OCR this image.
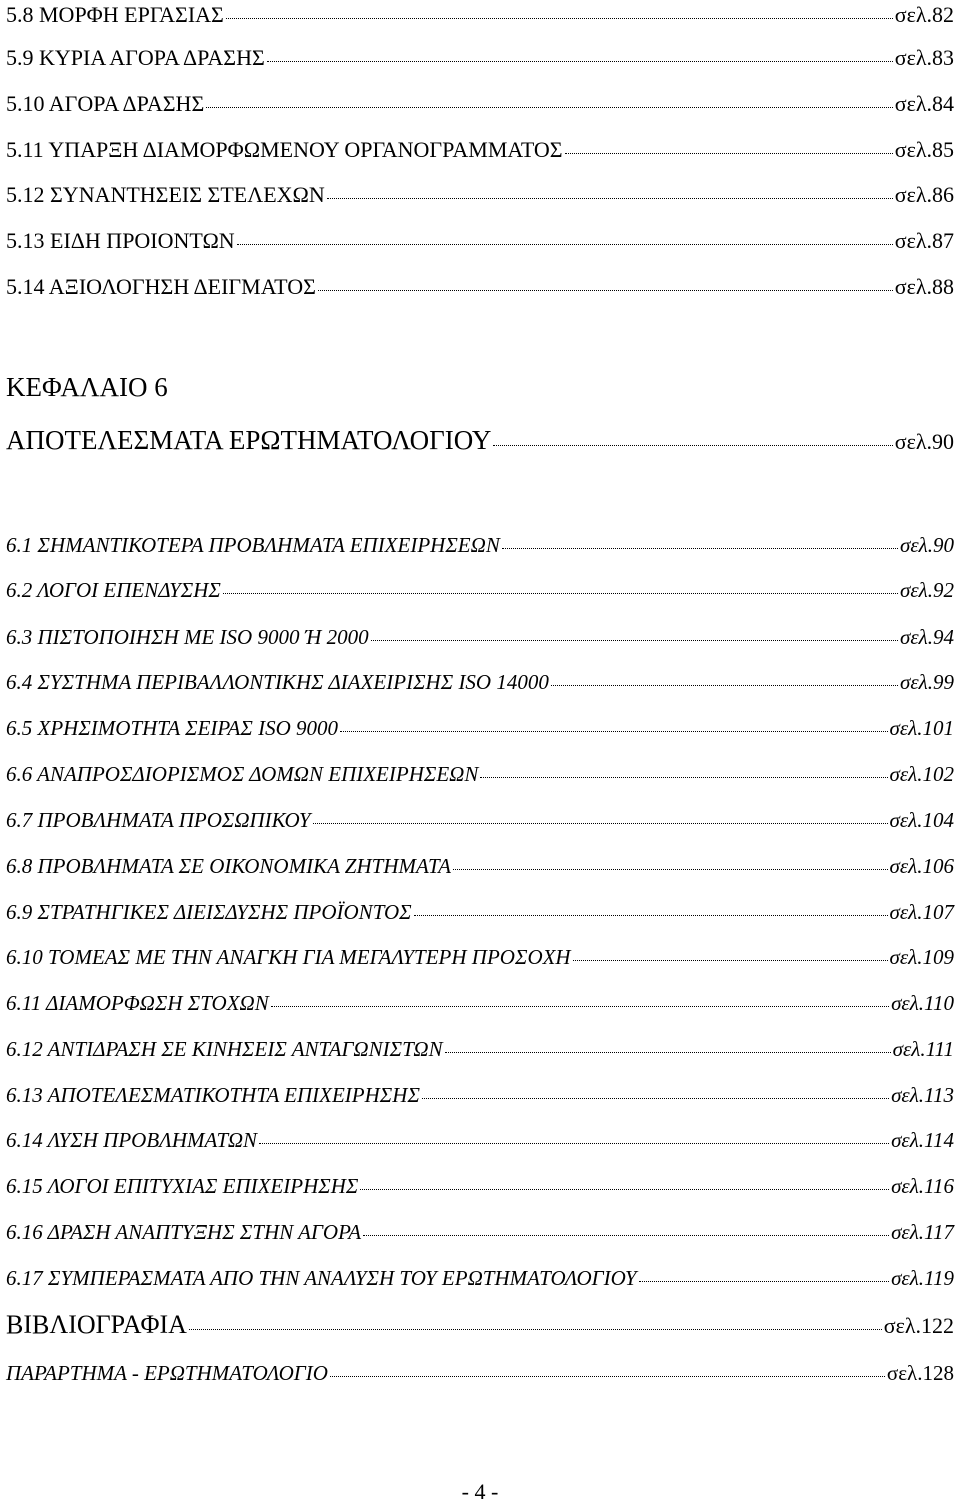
5.8 ΜΟΡΦΗ ΕΡΓΑΣΙΑΣ	σελ.82
5.9 ΚΥΡΙΑ ΑΓΟΡΑ ΔΡΑΣΗΣ	σελ.83
5.10 ΑΓΟΡΑ ΔΡΑΣΗΣ	σελ.84
5.11 ΥΠΑΡΞΗ ΔΙΑΜΟΡΦΩΜΕΝΟΥ ΟΡΓΑΝΟΓΡΑΜΜΑΤΟΣ	σελ.85
5.12 ΣΥΝΑΝΤΗΣΕΙΣ ΣΤΕΛΕΧΩΝ	σελ.86
5.13 ΕΙΔΗ ΠΡΟΙΟΝΤΩΝ	σελ.87
5.14 ΑΞΙΟΛΟΓΗΣΗ ΔΕΙΓΜΑΤΟΣ	σελ.88
ΚΕΦΑΛΑΙΟ 6
ΑΠΟΤΕΛΕΣΜΑΤΑ ΕΡΩΤΗΜΑΤΟΛΟΓΙΟΥ	σελ.90
6.1 ΣΗΜΑΝΤΙΚΟΤΕΡΑ ΠΡΟΒΛΗΜΑΤΑ ΕΠΙΧΕΙΡΗΣΕΩΝ	σελ.90
6.2 ΛΟΓΟΙ ΕΠΕΝΔΥΣΗΣ	σελ.92
6.3 ΠΙΣΤΟΠΟΙΗΣΗ ΜΕ ISO 9000 Ή 2000	σελ.94
6.4 ΣΥΣΤΗΜΑ ΠΕΡΙΒΑΛΛΟΝΤΙΚΗΣ ΔΙΑΧΕΙΡΙΣΗΣ ISO 14000	σελ.99
6.5 ΧΡΗΣΙΜΟΤΗΤΑ ΣΕΙΡΑΣ ISO 9000	σελ.101
6.6 ΑΝΑΠΡΟΣΔΙΟΡΙΣΜΟΣ ΔΟΜΩΝ ΕΠΙΧΕΙΡΗΣΕΩΝ	σελ.102
6.7 ΠΡΟΒΛΗΜΑΤΑ ΠΡΟΣΩΠΙΚΟΥ	σελ.104
6.8 ΠΡΟΒΛΗΜΑΤΑ ΣΕ ΟΙΚΟΝΟΜΙΚΑ ΖΗΤΗΜΑΤΑ	σελ.106
6.9 ΣΤΡΑΤΗΓΙΚΕΣ ΔΙΕΙΣΔΥΣΗΣ ΠΡΟΪΟΝΤΟΣ	σελ.107
6.10 ΤΟΜΕΑΣ ΜΕ ΤΗΝ ΑΝΑΓΚΗ ΓΙΑ ΜΕΓΑΛΥΤΕΡΗ ΠΡΟΣΟΧΗ	σελ.109
6.11 ΔΙΑΜΟΡΦΩΣΗ ΣΤΟΧΩΝ	σελ.110
6.12 ΑΝΤΙΔΡΑΣΗ ΣΕ ΚΙΝΗΣΕΙΣ ΑΝΤΑΓΩΝΙΣΤΩΝ	σελ.111
6.13 ΑΠΟΤΕΛΕΣΜΑΤΙΚΟΤΗΤΑ ΕΠΙΧΕΙΡΗΣΗΣ	σελ.113
6.14 ΛΥΣΗ ΠΡΟΒΛΗΜΑΤΩΝ	σελ.114
6.15 ΛΟΓΟΙ ΕΠΙΤΥΧΙΑΣ ΕΠΙΧΕΙΡΗΣΗΣ	σελ.116
6.16 ΔΡΑΣΗ ΑΝΑΠΤΥΞΗΣ ΣΤΗΝ ΑΓΟΡΑ	σελ.117
6.17 ΣΥΜΠΕΡΑΣΜΑΤΑ ΑΠΟ ΤΗΝ ΑΝΑΛΥΣΗ ΤΟΥ ΕΡΩΤΗΜΑΤΟΛΟΓΙΟΥ	σελ.119
ΒΙΒΛΙΟΓΡΑΦΙΑ	σελ.122
ΠΑΡΑΡΤΗΜΑ - ΕΡΩΤΗΜΑΤΟΛΟΓΙΟ	σελ.128
- 4 -
